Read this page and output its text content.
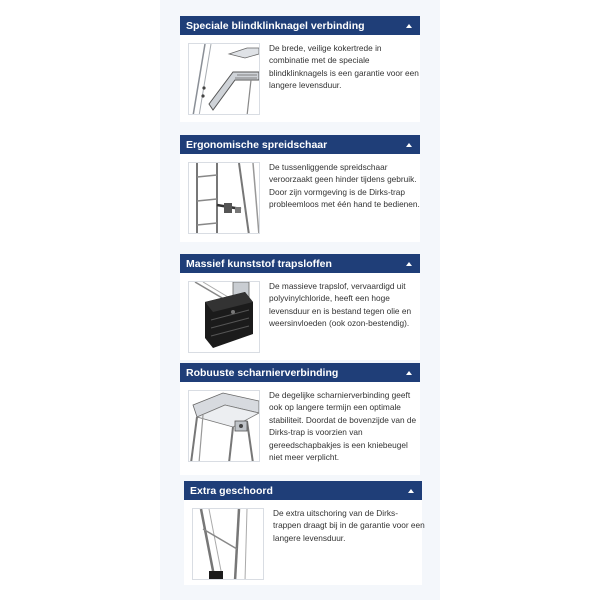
Speciale blindklinknagel verbinding
De brede, veilige kokertrede in combinatie met de speciale blindklinknagels is een garantie voor een langere levensduur.
Ergonomische spreidschaar
De tussenliggende spreidschaar veroorzaakt geen hinder tijdens gebruik. Door zijn vormgeving is de Dirks-trap probleemloos met één hand te bedienen.
Massief kunststof trapsloffen
De massieve trapslof, vervaardigd uit polyvinylchloride, heeft een hoge levensduur en is bestand tegen olie en weersinvloeden (ook ozon-bestendig).
Robuuste scharnierverbinding
De degelijke scharnierverbinding geeft ook op langere termijn een optimale stabiliteit. Doordat de bovenzijde van de Dirks-trap is voorzien van gereedschapbakjes is een kniebeugel niet meer verplicht.
Extra geschoord
De extra uitschoring van de Dirks-trappen draagt bij in de garantie voor een langere levensduur.
